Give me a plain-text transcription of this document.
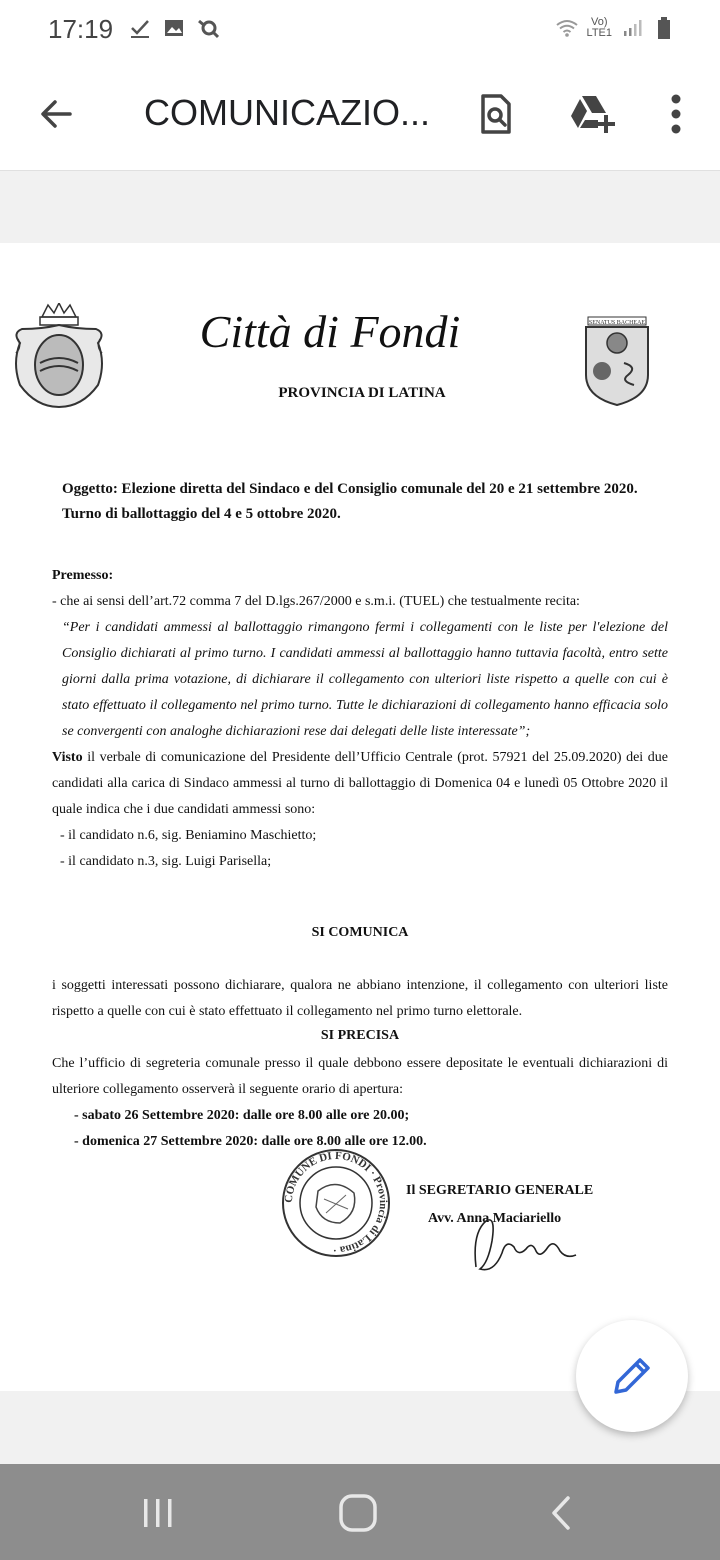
17:19	Vo)
LTE1
COMUNICAZIO...
Città di Fondi	SENATUS BACHEAE
PROVINCIA DI LATINA
Oggetto: Elezione diretta del Sindaco e del Consiglio comunale del 20 e 21 settembre 2020.
Turno di ballottaggio del 4 e 5 ottobre 2020.

Premesso:

- che ai sensi dell’art.72 comma 7 del D.lgs.267/2000 e s.m.i. (TUEL) che testualmente recita:

“Per i candidati ammessi al ballottaggio rimangono fermi i collegamenti con le liste per l'elezione del Consiglio dichiarati al primo turno. I candidati ammessi al ballottaggio hanno tuttavia facoltà, entro sette giorni dalla prima votazione, di dichiarare il collegamento con ulteriori liste rispetto a quelle con cui è stato effettuato il collegamento nel primo turno. Tutte le dichiarazioni di collegamento hanno efficacia solo se convergenti con analoghe dichiarazioni rese dai delegati delle liste interessate”;

Visto il verbale di comunicazione del Presidente dell’Ufficio Centrale (prot. 57921 del 25.09.2020) dei due candidati alla carica di Sindaco ammessi al turno di ballottaggio di Domenica 04 e lunedì 05 Ottobre 2020 il quale indica che i due candidati ammessi sono:

- il candidato n.6, sig. Beniamino Maschietto;

- il candidato n.3, sig. Luigi Parisella;

SI COMUNICA
i soggetti interessati possono dichiarare, qualora ne abbiano intenzione, il collegamento con ulteriori liste rispetto a quelle con cui è stato effettuato il collegamento nel primo turno elettorale.
SI PRECISA
Che l’ufficio di segreteria comunale presso il quale debbono essere depositate le eventuali dichiarazioni di ulteriore collegamento osserverà il seguente orario di apertura:
- sabato 26 Settembre 2020: dalle ore 8.00 alle ore 20.00;
- domenica 27 Settembre 2020: dalle ore 8.00 alle ore 12.00.
COMUNE DI FONDI · Provincia di Latina ·
Il SEGRETARIO GENERALE
Avv. Anna Maciariello
